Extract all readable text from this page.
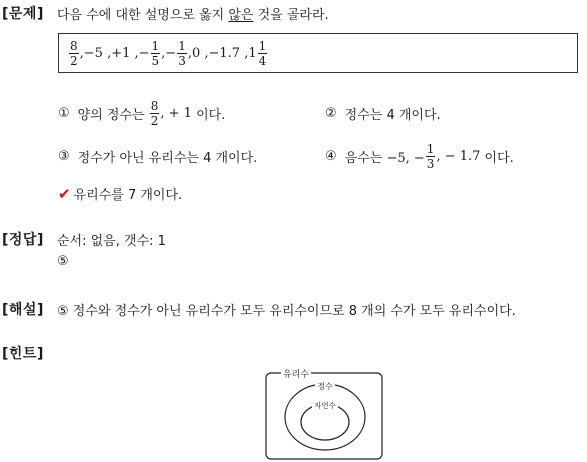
[문제] 다음 수에 대한 설명으로 옳지 않은 것을 골라라.
$\frac{8}{2} ,-5$ ,+1 ,− $\frac{1}{5}$ ,− $\frac{1}{3} ,0$ ,−1.7 $,1 \frac{1}{4}$
① 양의 정수는
$\frac{8}{2}$ , + 1
이다.	② 정수는 4 개이다.
③ 정수가 아닌 유리수는 4 개이다.	④ 음수는 −5, − $\frac{1}{3}$ , − 1.7
이다.
✔ 유리수를 7 개이다.
[정답] 순서: 없음, 갯수: 1
⑤
[해설] ⑤ 정수와 정수가 아닌 유리수가 모두 유리수이므로 8 개의 수가 모두 유리수이다.
[힌트]
유리수
정수
자연수
